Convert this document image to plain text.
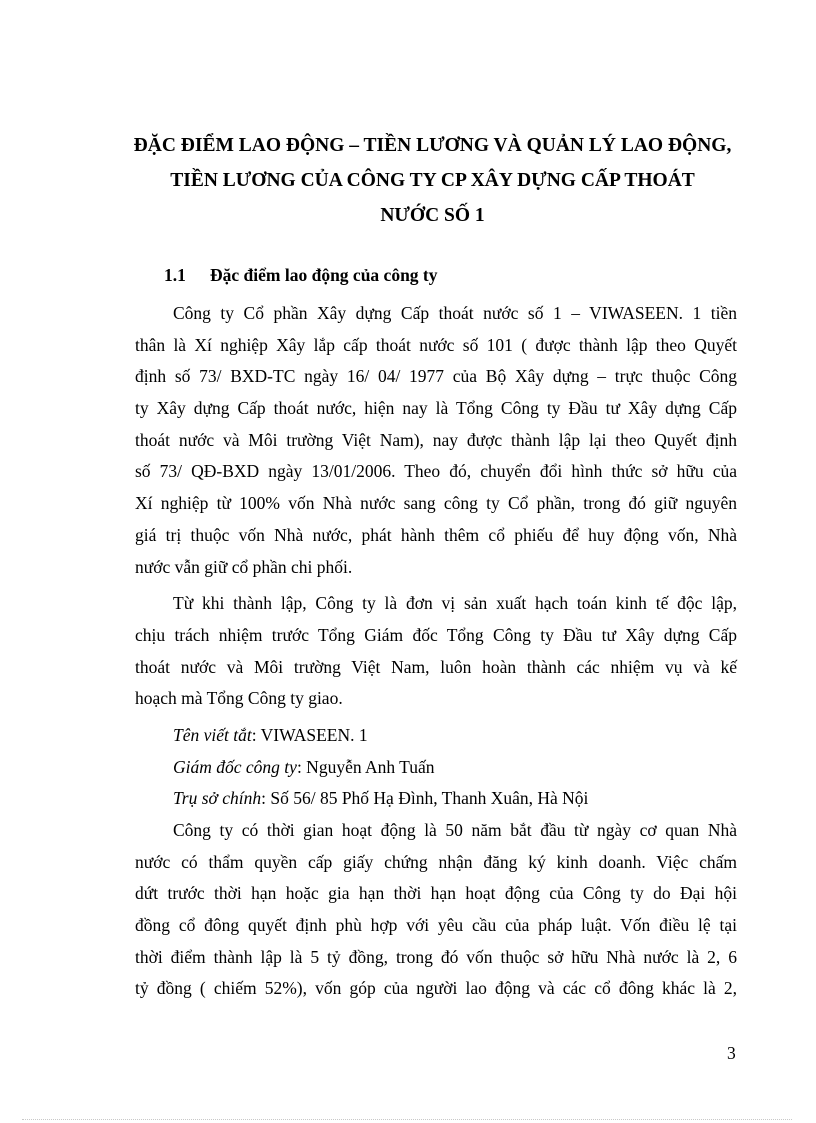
ĐẶC ĐIỂM LAO ĐỘNG – TIỀN LƯƠNG VÀ QUẢN LÝ LAO ĐỘNG,
TIỀN LƯƠNG CỦA CÔNG TY CP XÂY DỰNG CẤP THOÁT
NƯỚC SỐ 1
1.1 Đặc điểm lao động của công ty
Công ty Cổ phần Xây dựng Cấp thoát nước số 1 – VIWASEEN. 1 tiền
thân là Xí nghiệp Xây lắp cấp thoát nước số 101 ( được thành lập theo Quyết
định số 73/ BXD-TC ngày 16/ 04/ 1977 của Bộ Xây dựng – trực thuộc Công
ty Xây dựng Cấp thoát nước, hiện nay là Tổng Công ty Đầu tư Xây dựng Cấp
thoát nước và Môi trường Việt Nam), nay được thành lập lại theo Quyết định
số 73/ QĐ-BXD ngày 13/01/2006. Theo đó, chuyển đổi hình thức sở hữu của
Xí nghiệp từ 100% vốn Nhà nước sang công ty Cổ phần, trong đó giữ nguyên
giá trị thuộc vốn Nhà nước, phát hành thêm cổ phiếu để huy động vốn, Nhà
nước vẫn giữ cổ phần chi phối.
Từ khi thành lập, Công ty là đơn vị sản xuất hạch toán kinh tế độc lập,
chịu trách nhiệm trước Tổng Giám đốc Tổng Công ty Đầu tư Xây dựng Cấp
thoát nước và Môi trường Việt Nam, luôn hoàn thành các nhiệm vụ và kế
hoạch mà Tổng Công ty giao.
Tên viết tắt: VIWASEEN. 1
Giám đốc công ty: Nguyễn Anh Tuấn
Trụ sở chính: Số 56/ 85 Phố Hạ Đình, Thanh Xuân, Hà Nội
Công ty có thời gian hoạt động là 50 năm bắt đầu từ ngày cơ quan Nhà
nước có thẩm quyền cấp giấy chứng nhận đăng ký kinh doanh. Việc chấm
dứt trước thời hạn hoặc gia hạn thời hạn hoạt động của Công ty do Đại hội
đồng cổ đông quyết định phù hợp với yêu cầu của pháp luật. Vốn điều lệ tại
thời điểm thành lập là 5 tỷ đồng, trong đó vốn thuộc sở hữu Nhà nước là 2, 6
tỷ đồng ( chiếm 52%), vốn góp của người lao động và các cổ đông khác là 2,
3
